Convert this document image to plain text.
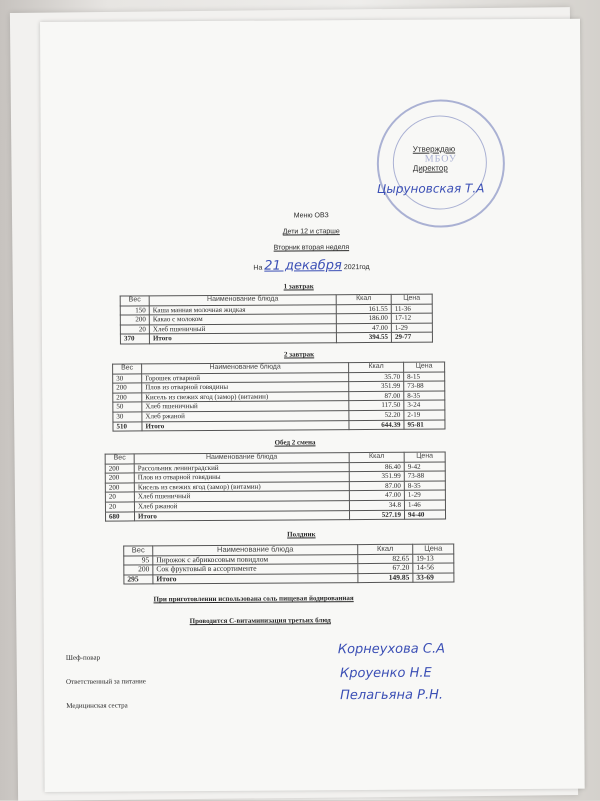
МБОУ
Утверждаю
Директор
Цыруновская Т.А
Меню ОВЗ
Дети 12 и старше
Вторник вторая неделя
На 21 декабря 2021год
1 завтрак
Вес	Наименование блюда	Ккал	Цена
150	Каша манная молочная жидкая	161.55	11-36
200	Какао с молоком	186.00	17-12
20	Хлеб пшеничный	47.00	1-29
370	Итого	394.55	29-77
2 завтрак
Вес	Наименование блюда	Ккал	Цена
30	Горошек отварной	35.70	8-15
200	Плов из отварной говядины	351.99	73-88
200	Кисель из свежих ягод (замор) (витамин)	87.00	8-35
50	Хлеб пшеничный	117.50	3-24
30	Хлеб ржаной	52.20	2-19
510	Итого	644.39	95-81
Обед 2 смена
Вес	Наименование блюда	Ккал	Цена
200	Рассольник ленинградский	86.40	9-42
200	Плов из отварной говядины	351.99	73-88
200	Кисель из свежих ягод (замор) (витамин)	87.00	8-35
20	Хлеб пшеничный	47.00	1-29
20	Хлеб ржаной	34.8	1-46
680	Итого	527.19	94-40
Полдник
Вес	Наименование блюда	Ккал	Цена
95	Пирожок с абрикосовым повидлом	82.65	19-13
200	Сок фруктовый в ассортименте	67.20	14-56
295	Итого	149.85	33-69
При приготовлении использована соль пищевая йодированная
Проводится С-витаминизация третьих блюд
Шеф-повар
Корнеухова С.А
Ответственный за питание
Кроуенко Н.Е
Медицинская сестра
Пелагьяна Р.Н.
